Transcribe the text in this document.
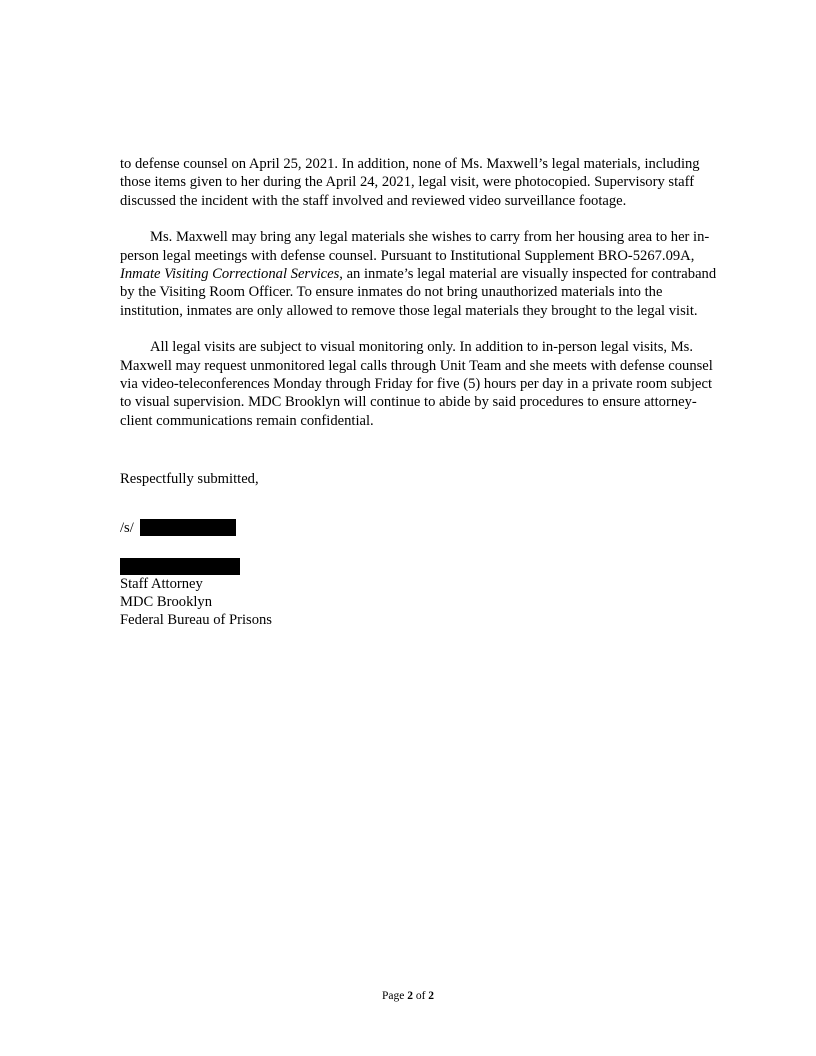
to defense counsel on April 25, 2021. In addition, none of Ms. Maxwell’s legal materials, including those items given to her during the April 24, 2021, legal visit, were photocopied. Supervisory staff discussed the incident with the staff involved and reviewed video surveillance footage.

Ms. Maxwell may bring any legal materials she wishes to carry from her housing area to her in-person legal meetings with defense counsel. Pursuant to Institutional Supplement BRO-5267.09A, Inmate Visiting Correctional Services, an inmate’s legal material are visually inspected for contraband by the Visiting Room Officer. To ensure inmates do not bring unauthorized materials into the institution, inmates are only allowed to remove those legal materials they brought to the legal visit.

All legal visits are subject to visual monitoring only. In addition to in-person legal visits, Ms. Maxwell may request unmonitored legal calls through Unit Team and she meets with defense counsel via video-teleconferences Monday through Friday for five (5) hours per day in a private room subject to visual supervision. MDC Brooklyn will continue to abide by said procedures to ensure attorney-client communications remain confidential.

Respectfully submitted,
/s/
Staff Attorney
MDC Brooklyn
Federal Bureau of Prisons
Page 2 of 2
